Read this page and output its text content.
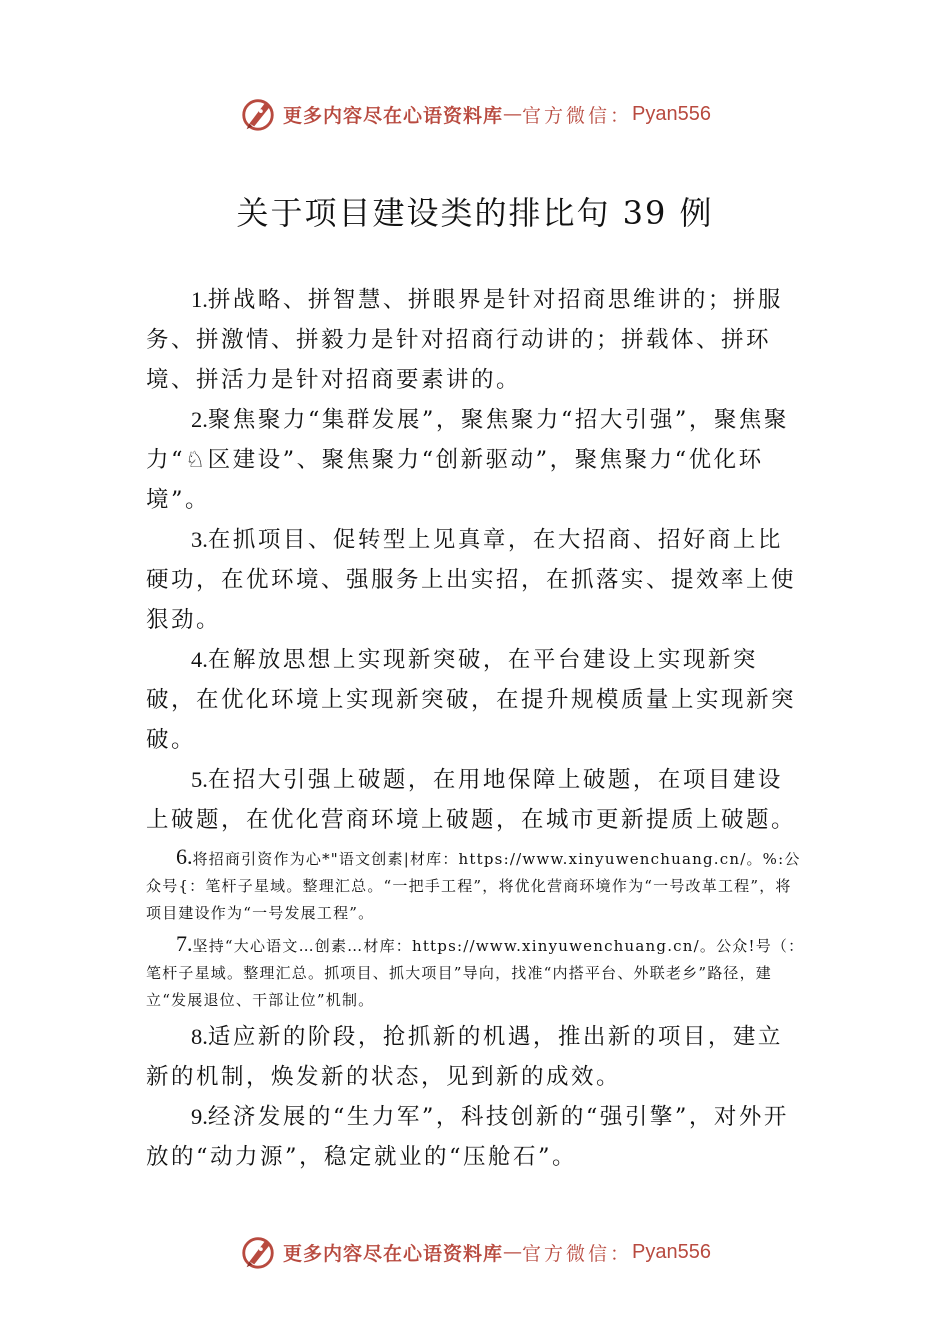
更多内容尽在心语资料库 — 官方微信： Pyan556
关于项目建设类的排比句 39 例

1.拼战略、拼智慧、拼眼界是针对招商思维讲的；拼服务、拼激情、拼毅力是针对招商行动讲的；拼载体、拼环境、拼活力是针对招商要素讲的。

2.聚焦聚力“集群发展”，聚焦聚力“招大引强”，聚焦聚力“♘区建设”、聚焦聚力“创新驱动”，聚焦聚力“优化环境”。

3.在抓项目、促转型上见真章，在大招商、招好商上比硬功，在优环境、强服务上出实招，在抓落实、提效率上使狠劲。

4.在解放思想上实现新突破，在平台建设上实现新突破，在优化环境上实现新突破，在提升规模质量上实现新突破。

5.在招大引强上破题，在用地保障上破题，在项目建设上破题，在优化营商环境上破题，在城市更新提质上破题。

6.将招商引资作为心*"语文创素|材库：https://www.xinyuwenchuang.cn/。%:公众号{：笔杆子星域。整理汇总。“一把手工程”，将优化营商环境作为“一号改革工程”，将项目建设作为“一号发展工程”。

7.坚持“大心语文…创素…材库：https://www.xinyuwenchuang.cn/。公众!号（：笔杆子星域。整理汇总。抓项目、抓大项目”导向，找准“内搭平台、外联老乡”路径，建立“发展退位、干部让位”机制。

8.适应新的阶段，抢抓新的机遇，推出新的项目，建立新的机制，焕发新的状态，见到新的成效。

9.经济发展的“生力军”，科技创新的“强引擎”，对外开放的“动力源”，稳定就业的“压舱石”。

更多内容尽在心语资料库 — 官方微信： Pyan556
